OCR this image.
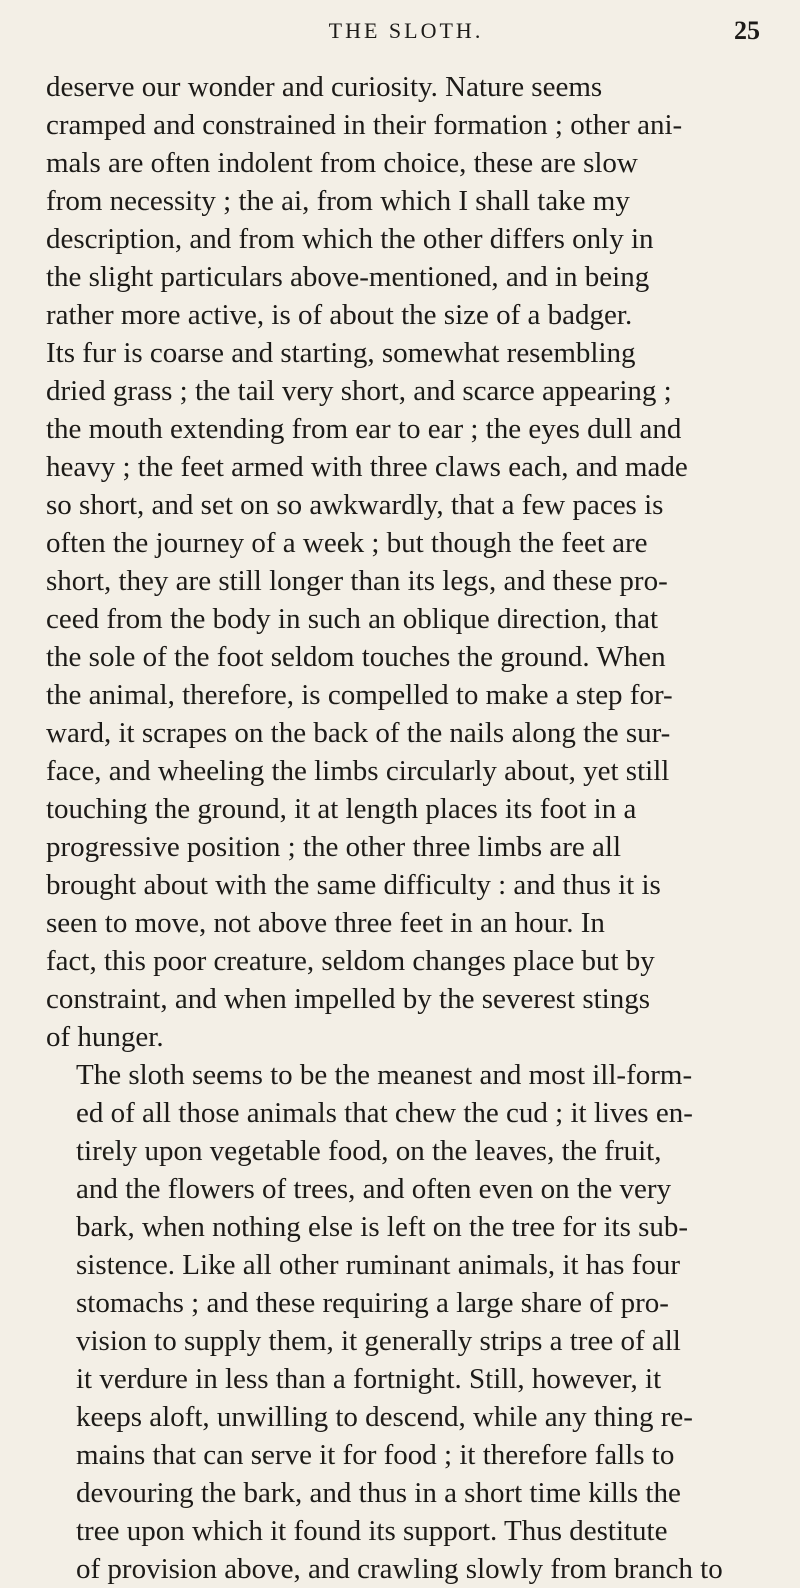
THE SLOTH.	25

deserve our wonder and curiosity. Nature seems
cramped and constrained in their formation ; other ani-
mals are often indolent from choice, these are slow
from necessity ; the ai, from which I shall take my
description, and from which the other differs only in
the slight particulars above-mentioned, and in being
rather more active, is of about the size of a badger.
Its fur is coarse and starting, somewhat resembling
dried grass ; the tail very short, and scarce appearing ;
the mouth extending from ear to ear ; the eyes dull and
heavy ; the feet armed with three claws each, and made
so short, and set on so awkwardly, that a few paces is
often the journey of a week ; but though the feet are
short, they are still longer than its legs, and these pro-
ceed from the body in such an oblique direction, that
the sole of the foot seldom touches the ground. When
the animal, therefore, is compelled to make a step for-
ward, it scrapes on the back of the nails along the sur-
face, and wheeling the limbs circularly about, yet still
touching the ground, it at length places its foot in a
progressive position ; the other three limbs are all
brought about with the same difficulty : and thus it is
seen to move, not above three feet in an hour. In
fact, this poor creature, seldom changes place but by
constraint, and when impelled by the severest stings
of hunger.

The sloth seems to be the meanest and most ill-form-
ed of all those animals that chew the cud ; it lives en-
tirely upon vegetable food, on the leaves, the fruit,
and the flowers of trees, and often even on the very
bark, when nothing else is left on the tree for its sub-
sistence. Like all other ruminant animals, it has four
stomachs ; and these requiring a large share of pro-
vision to supply them, it generally strips a tree of all
it verdure in less than a fortnight. Still, however, it
keeps aloft, unwilling to descend, while any thing re-
mains that can serve it for food ; it therefore falls to
devouring the bark, and thus in a short time kills the
tree upon which it found its support. Thus destitute
of provision above, and crawling slowly from branch to
